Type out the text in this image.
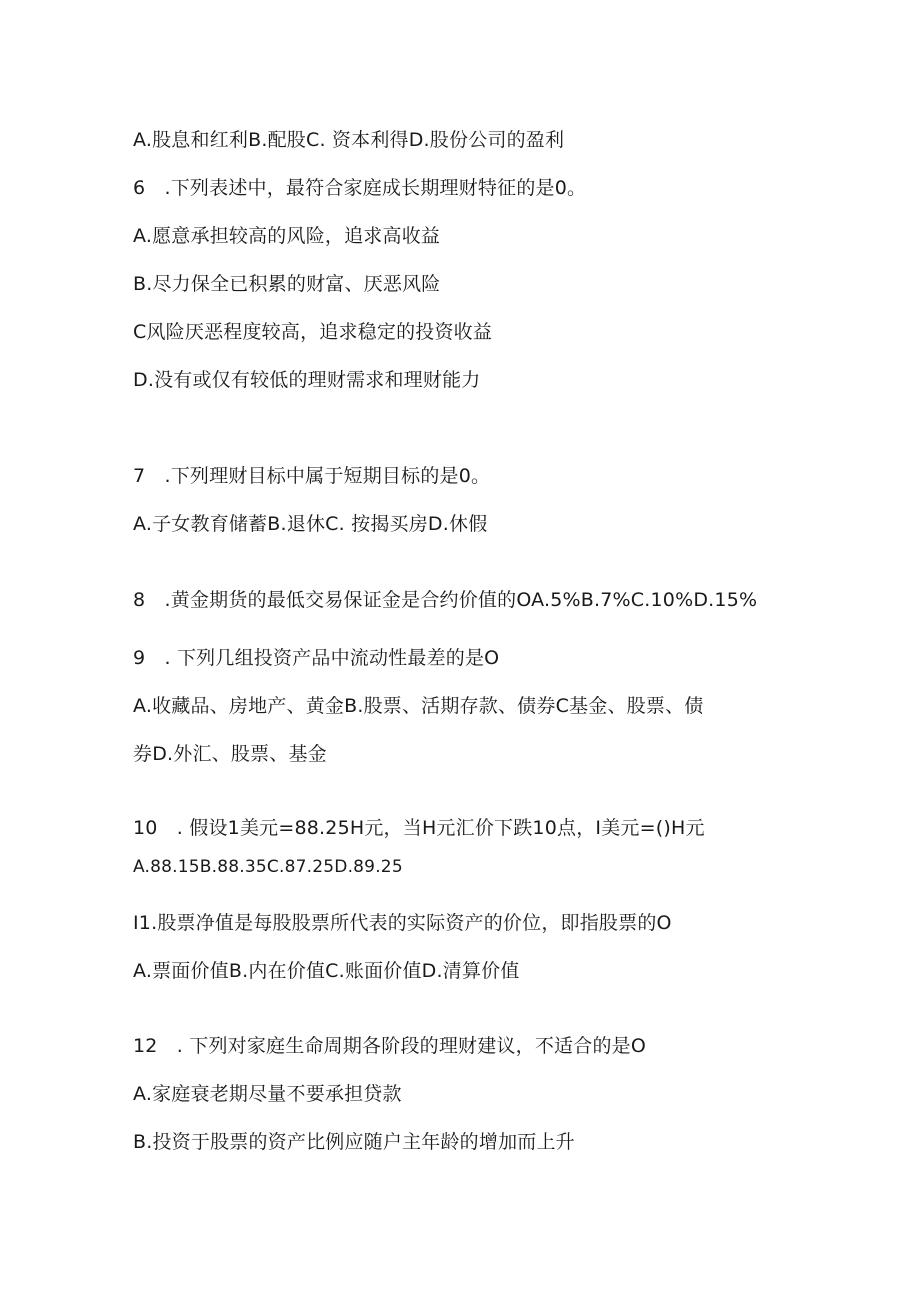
A.股息和红利B.配股C. 资本利得D.股份公司的盈利
6　.下列表述中，最符合家庭成长期理财特征的是0。
A.愿意承担较高的风险，追求高收益
B.尽力保全已积累的财富、厌恶风险
C风险厌恶程度较高，追求稳定的投资收益
D.没有或仅有较低的理财需求和理财能力
7　.下列理财目标中属于短期目标的是0。
A.子女教育储蓄B.退休C. 按揭买房D.休假
8　.黄金期货的最低交易保证金是合约价值的OA.5%B.7%C.10%D.15%
9　. 下列几组投资产品中流动性最差的是O
A.收藏品、房地产、黄金B.股票、活期存款、债券C基金、股票、债
券D.外汇、股票、基金
10　. 假设1美元=88.25H元，当H元汇价下跌10点，I美元=()H元
A.88.15B.88.35C.87.25D.89.25
I1.股票净值是每股股票所代表的实际资产的价位，即指股票的O
A.票面价值B.内在价值C.账面价值D.清算价值
12　. 下列对家庭生命周期各阶段的理财建议，不适合的是O
A.家庭衰老期尽量不要承担贷款
B.投资于股票的资产比例应随户主年龄的增加而上升
